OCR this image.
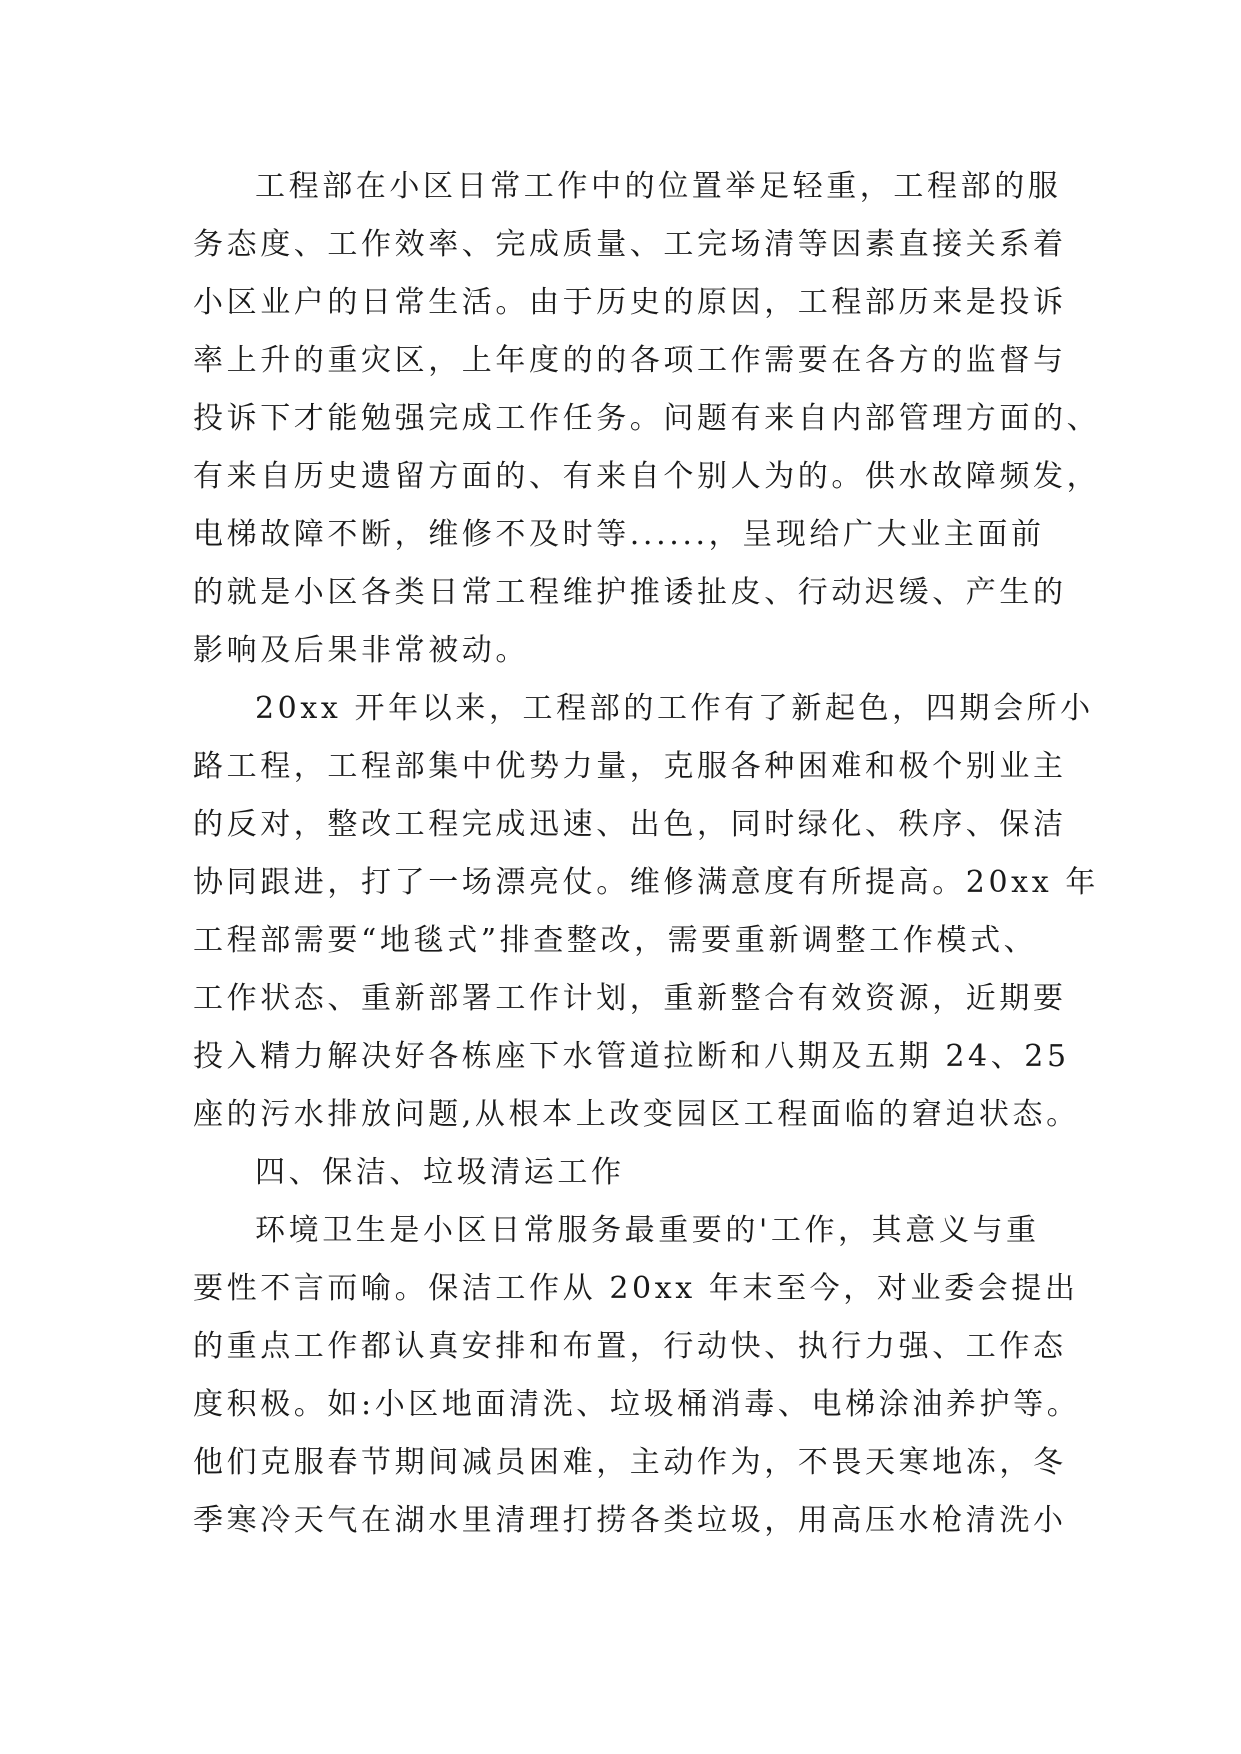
工程部在小区日常工作中的位置举足轻重，工程部的服
务态度、工作效率、完成质量、工完场清等因素直接关系着
小区业户的日常生活。由于历史的原因，工程部历来是投诉
率上升的重灾区，上年度的的各项工作需要在各方的监督与
投诉下才能勉强完成工作任务。问题有来自内部管理方面的、
有来自历史遗留方面的、有来自个别人为的。供水故障频发，
电梯故障不断，维修不及时等......，呈现给广大业主面前
的就是小区各类日常工程维护推诿扯皮、行动迟缓、产生的
影响及后果非常被动。
20xx 开年以来，工程部的工作有了新起色，四期会所小
路工程，工程部集中优势力量，克服各种困难和极个别业主
的反对，整改工程完成迅速、出色，同时绿化、秩序、保洁
协同跟进，打了一场漂亮仗。维修满意度有所提高。20xx 年
工程部需要“地毯式”排查整改，需要重新调整工作模式、
工作状态、重新部署工作计划，重新整合有效资源，近期要
投入精力解决好各栋座下水管道拉断和八期及五期 24、25
座的污水排放问题,从根本上改变园区工程面临的窘迫状态。
四、保洁、垃圾清运工作
环境卫生是小区日常服务最重要的'工作，其意义与重
要性不言而喻。保洁工作从 20xx 年末至今，对业委会提出
的重点工作都认真安排和布置，行动快、执行力强、工作态
度积极。如:小区地面清洗、垃圾桶消毒、电梯涂油养护等。
他们克服春节期间减员困难，主动作为，不畏天寒地冻，冬
季寒冷天气在湖水里清理打捞各类垃圾，用高压水枪清洗小
